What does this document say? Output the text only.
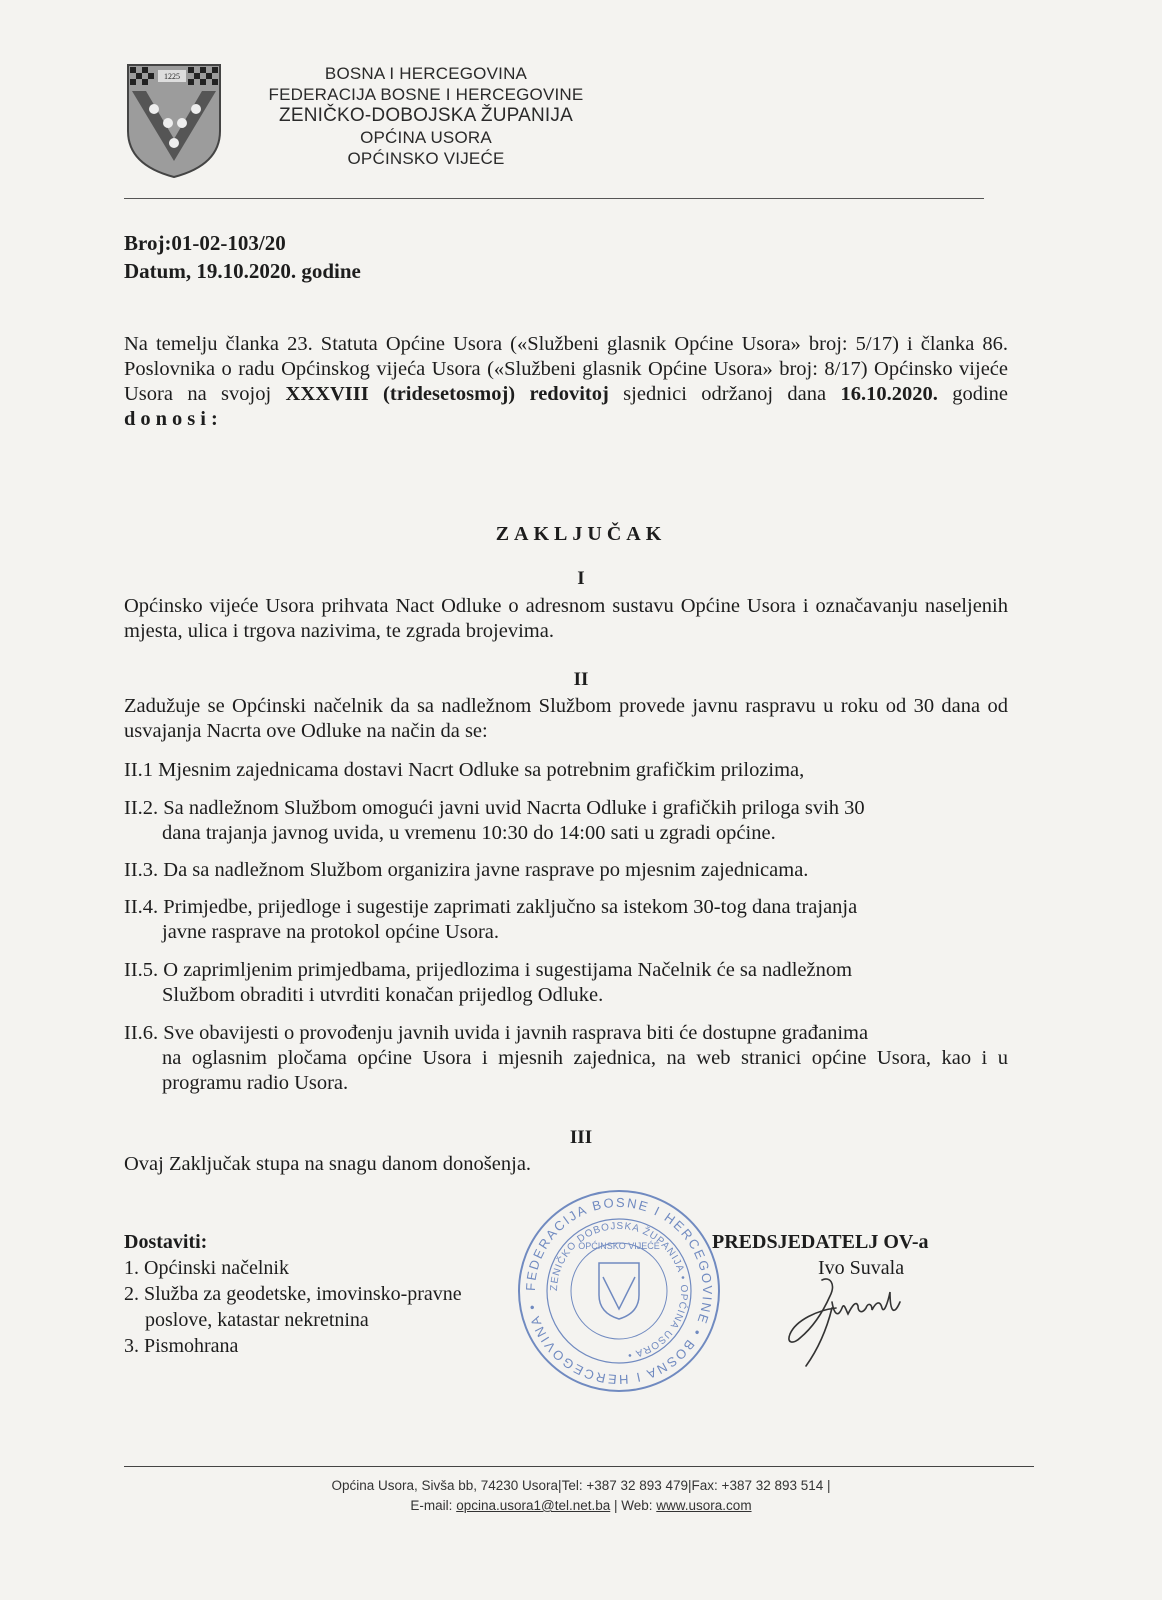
1225	BOSNA I HERCEGOVINA
FEDERACIJA BOSNE I HERCEGOVINE
ZENIČKO-DOBOJSKA ŽUPANIJA
OPĆINA USORA
OPĆINSKO VIJEĆE
Broj:01-02-103/20
Datum, 19.10.2020. godine
Na temelju članka 23. Statuta Općine Usora («Službeni glasnik Općine Usora» broj: 5/17) i članka 86. Poslovnika o radu Općinskog vijeća Usora («Službeni glasnik Općine Usora» broj: 8/17) Općinsko vijeće Usora na svojoj XXXVIII (tridesetosmoj) redovitoj sjednici održanoj dana 16.10.2020. godine donosi:
ZAKLJUČAK
I
Općinsko vijeće Usora prihvata Nact Odluke o adresnom sustavu Općine Usora i označavanju naseljenih mjesta, ulica i trgova nazivima, te zgrada brojevima.
II
Zadužuje se Općinski načelnik da sa nadležnom Službom provede javnu raspravu u roku od 30 dana od usvajanja Nacrta ove Odluke na način da se:
II.1 Mjesnim zajednicama dostavi Nacrt Odluke sa potrebnim grafičkim prilozima,
II.2. Sa nadležnom Službom omogući javni uvid Nacrta Odluke i grafičkih priloga svih 30
dana trajanja javnog uvida, u vremenu 10:30 do 14:00 sati u zgradi općine.
II.3. Da sa nadležnom Službom organizira javne rasprave po mjesnim zajednicama.
II.4. Primjedbe, prijedloge i sugestije zaprimati zaključno sa istekom 30-tog dana trajanja
javne rasprave na protokol općine Usora.
II.5. O zaprimljenim primjedbama, prijedlozima i sugestijama Načelnik će sa nadležnom
Službom obraditi i utvrditi konačan prijedlog Odluke.
II.6. Sve obavijesti o provođenju javnih uvida i javnih rasprava biti će dostupne građanima
na oglasnim pločama općine Usora i mjesnih zajednica, na web stranici općine Usora, kao i u programu radio Usora.
III
Ovaj Zaključak stupa na snagu danom donošenja.
Dostaviti:
1. Općinski načelnik
2. Služba za geodetske, imovinsko-pravne
poslove, katastar nekretnina
3. Pismohrana
FEDERACIJA BOSNE I HERCEGOVINE • BOSNA I HERCEGOVINA •
ZENIČKO DOBOJSKA ŽUPANIJA • OPĆINA USORA •
OPĆINSKO VIJEĆE	PREDSJEDATELJ OV-a
Ivo Suvala
Općina Usora, Sivša bb, 74230 Usora|Tel: +387 32 893 479|Fax: +387 32 893 514 |
E-mail: opcina.usora1@tel.net.ba | Web: www.usora.com
